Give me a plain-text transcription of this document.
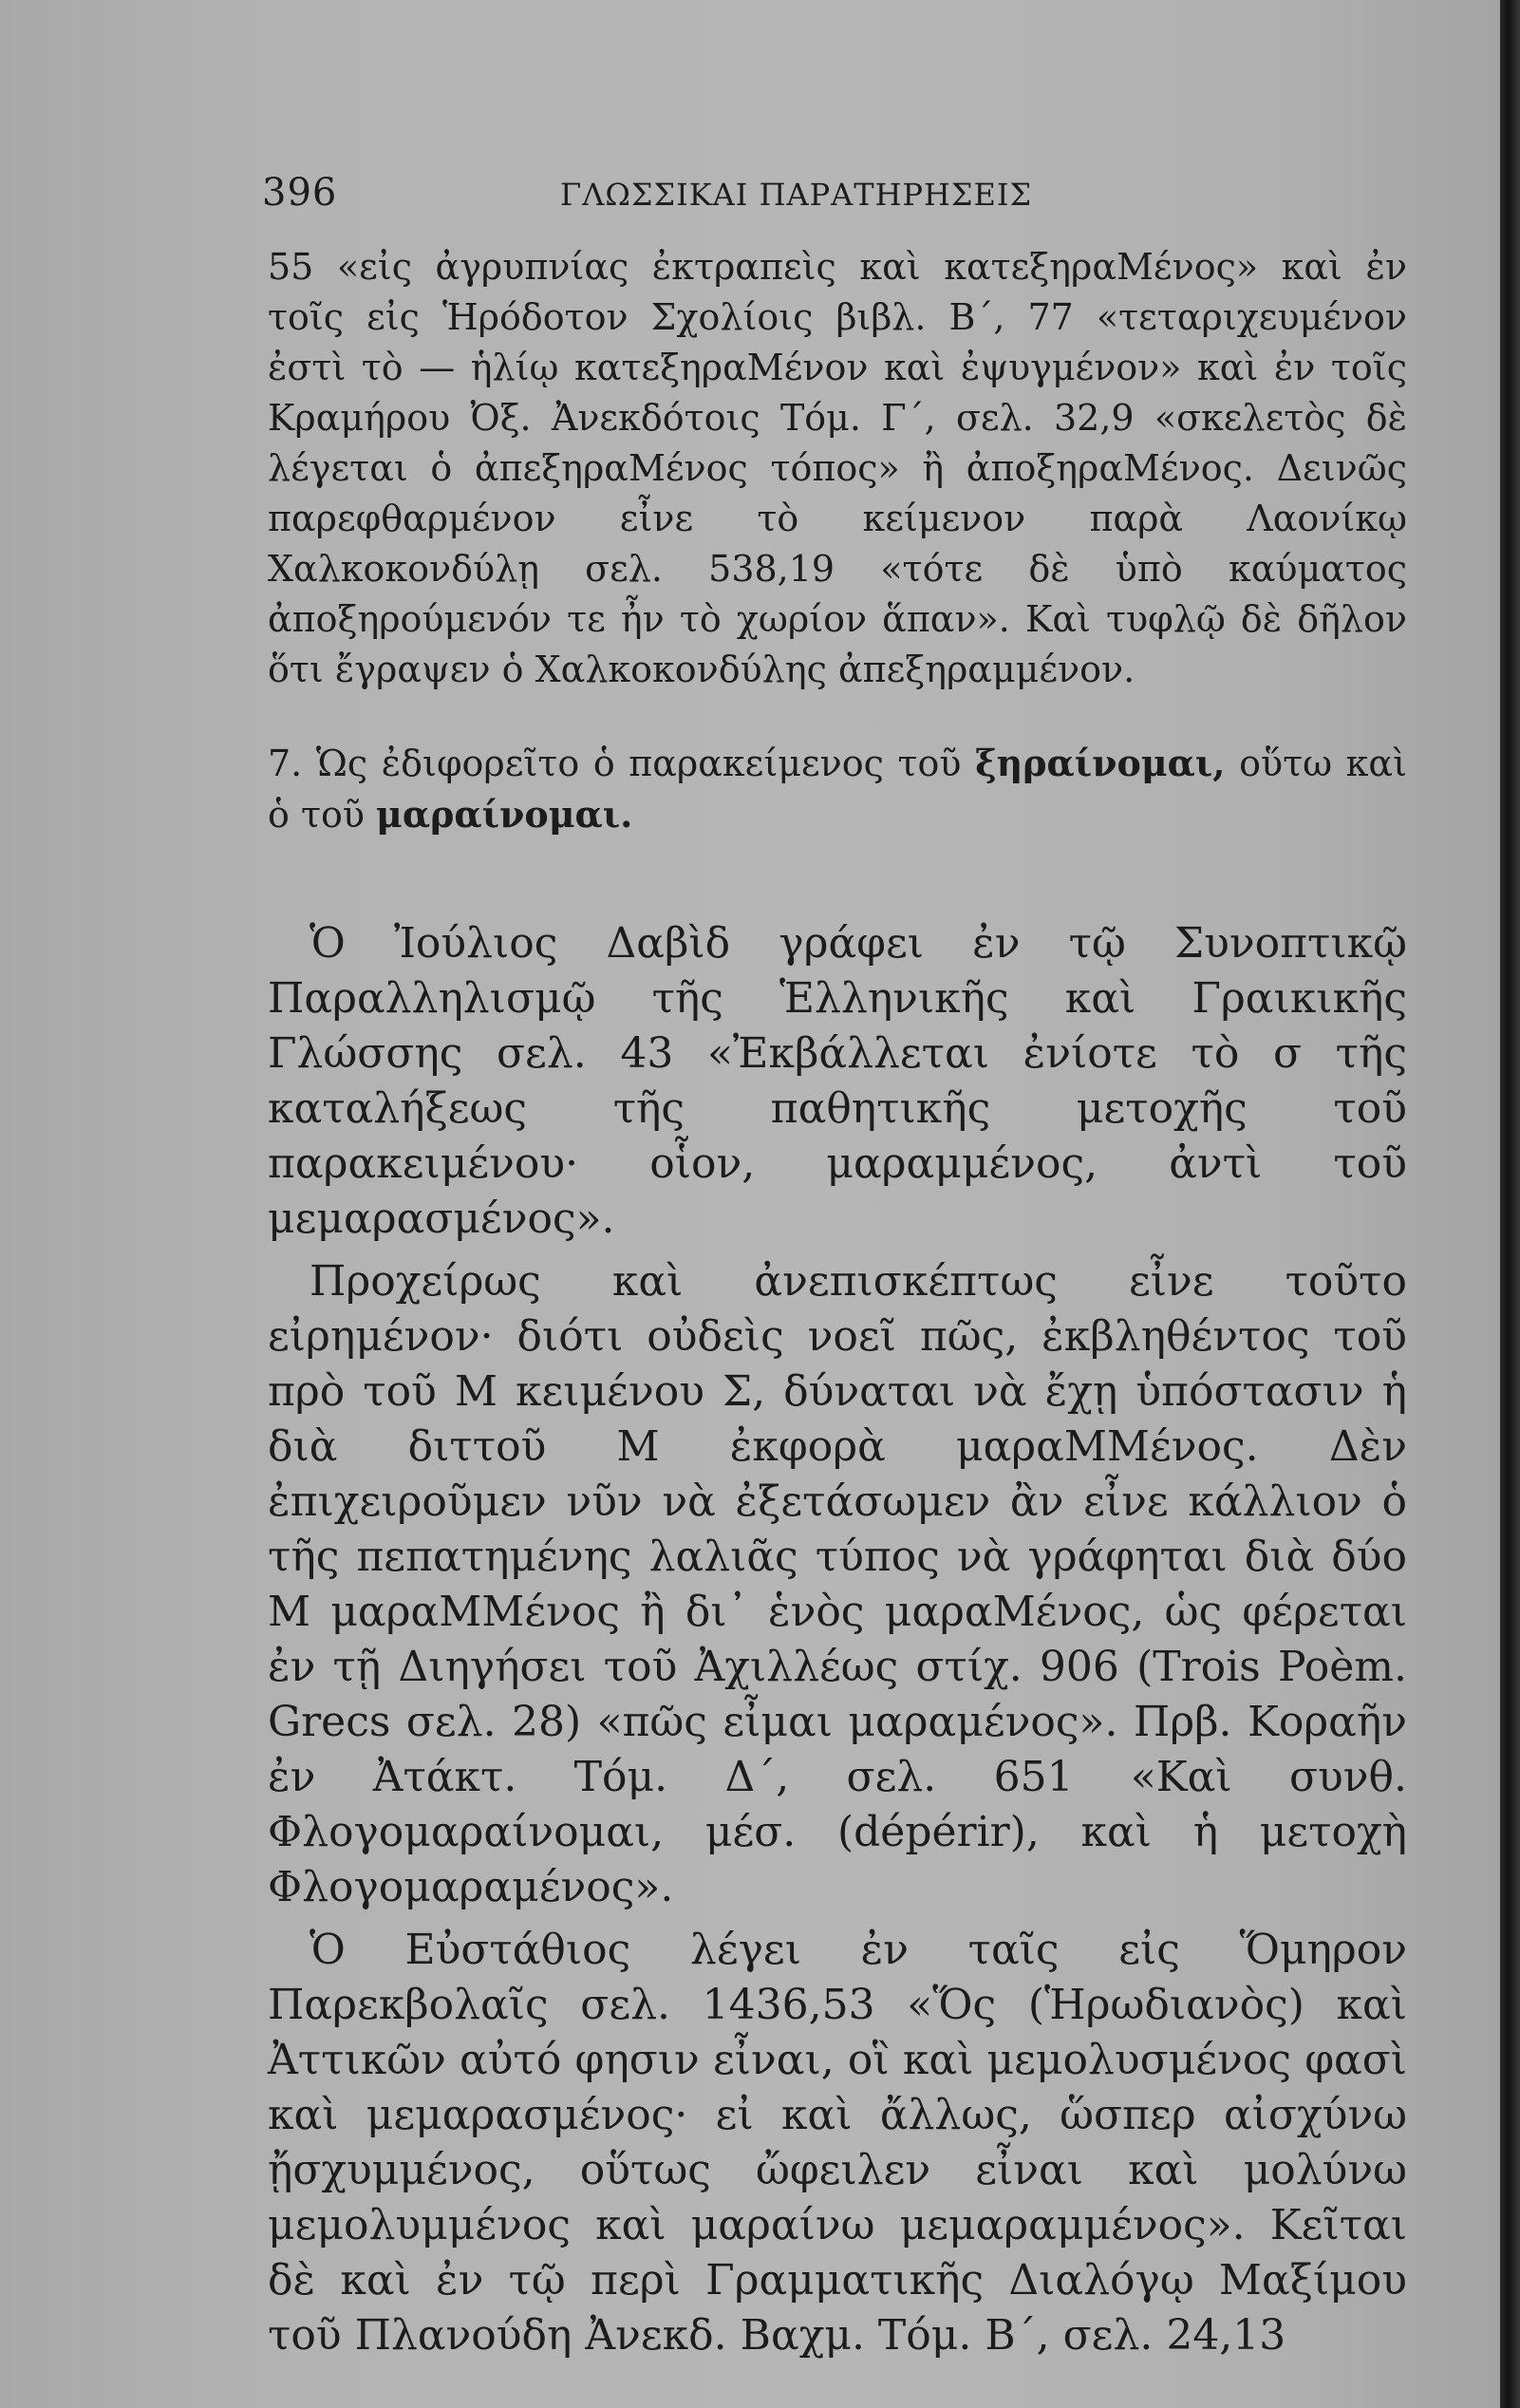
396	ΓΛΩΣΣΙΚΑΙ ΠΑΡΑΤΗΡΗΣΕΙΣ

55 «εἰς ἀγρυπνίας ἐκτραπεὶς καὶ κατεξηραΜένος» καὶ ἐν τοῖς εἰς Ἡρόδοτον Σχολίοις βιβλ. Β΄, 77 «τεταριχευμένον ἐστὶ τὸ — ἡλίῳ κατεξηραΜένον καὶ ἐψυγμένον» καὶ ἐν τοῖς Κραμήρου Ὀξ. Ἀνεκδότοις Τόμ. Γ΄, σελ. 32,9 «σκελετὸς δὲ λέγεται ὁ ἀπεξηραΜένος τόπος» ἢ ἀποξηραΜένος. Δεινῶς παρεφθαρμένον εἶνε τὸ κείμενον παρὰ Λαονίκῳ Χαλκοκονδύλῃ σελ. 538,19 «τότε δὲ ὑπὸ καύματος ἀποξηρούμενόν τε ἦν τὸ χωρίον ἅπαν». Καὶ τυφλῷ δὲ δῆλον ὅτι ἔγραψεν ὁ Χαλκοκονδύλης ἀπεξηραμμένον.

7. Ὡς ἐδιφορεῖτο ὁ παρακείμενος τοῦ ξηραίνομαι, οὕτω καὶ ὁ τοῦ μαραίνομαι.

Ὁ Ἰούλιος Δαβὶδ γράφει ἐν τῷ Συνοπτικῷ Παραλληλισμῷ τῆς Ἑλληνικῆς καὶ Γραικικῆς Γλώσσης σελ. 43 «Ἐκβάλλεται ἐνίοτε τὸ σ τῆς καταλήξεως τῆς παθητικῆς μετοχῆς τοῦ παρακειμένου· οἷον, μαραμμένος, ἀντὶ τοῦ μεμαρασμένος».

Προχείρως καὶ ἀνεπισκέπτως εἶνε τοῦτο εἰρημένον· διότι οὐδεὶς νοεῖ πῶς, ἐκβληθέντος τοῦ πρὸ τοῦ Μ κειμένου Σ, δύναται νὰ ἔχῃ ὑπόστασιν ἡ διὰ διττοῦ Μ ἐκφορὰ μαραΜΜένος. Δὲν ἐπιχειροῦμεν νῦν νὰ ἐξετάσωμεν ἂν εἶνε κάλλιον ὁ τῆς πεπατημένης λαλιᾶς τύπος νὰ γράφηται διὰ δύο Μ μαραΜΜένος ἢ δι᾽ ἑνὸς μαραΜένος, ὡς φέρεται ἐν τῇ Διηγήσει τοῦ Ἀχιλλέως στίχ. 906 (Trois Poèm. Grecs σελ. 28) «πῶς εἶμαι μαραμένος». Πρβ. Κοραῆν ἐν Ἀτάκτ. Τόμ. Δ΄, σελ. 651 «Καὶ συνθ. Φλογομαραίνομαι, μέσ. (dépérir), καὶ ἡ μετοχὴ Φλογομαραμένος».

Ὁ Εὐστάθιος λέγει ἐν ταῖς εἰς Ὅμηρον Παρεκβολαῖς σελ. 1436,53 «Ὅς (Ἡρωδιανὸς) καὶ Ἀττικῶν αὐτό φησιν εἶναι, οἳ καὶ μεμολυσμένος φασὶ καὶ μεμαρασμένος· εἰ καὶ ἄλλως, ὥσπερ αἰσχύνω ᾔσχυμμένος, οὕτως ὤφειλεν εἶναι καὶ μολύνω μεμολυμμένος καὶ μαραίνω μεμαραμμένος». Κεῖται δὲ καὶ ἐν τῷ περὶ Γραμματικῆς Διαλόγῳ Μαξίμου τοῦ Πλανούδη Ἀνεκδ. Βαχμ. Τόμ. Β΄, σελ. 24,13
